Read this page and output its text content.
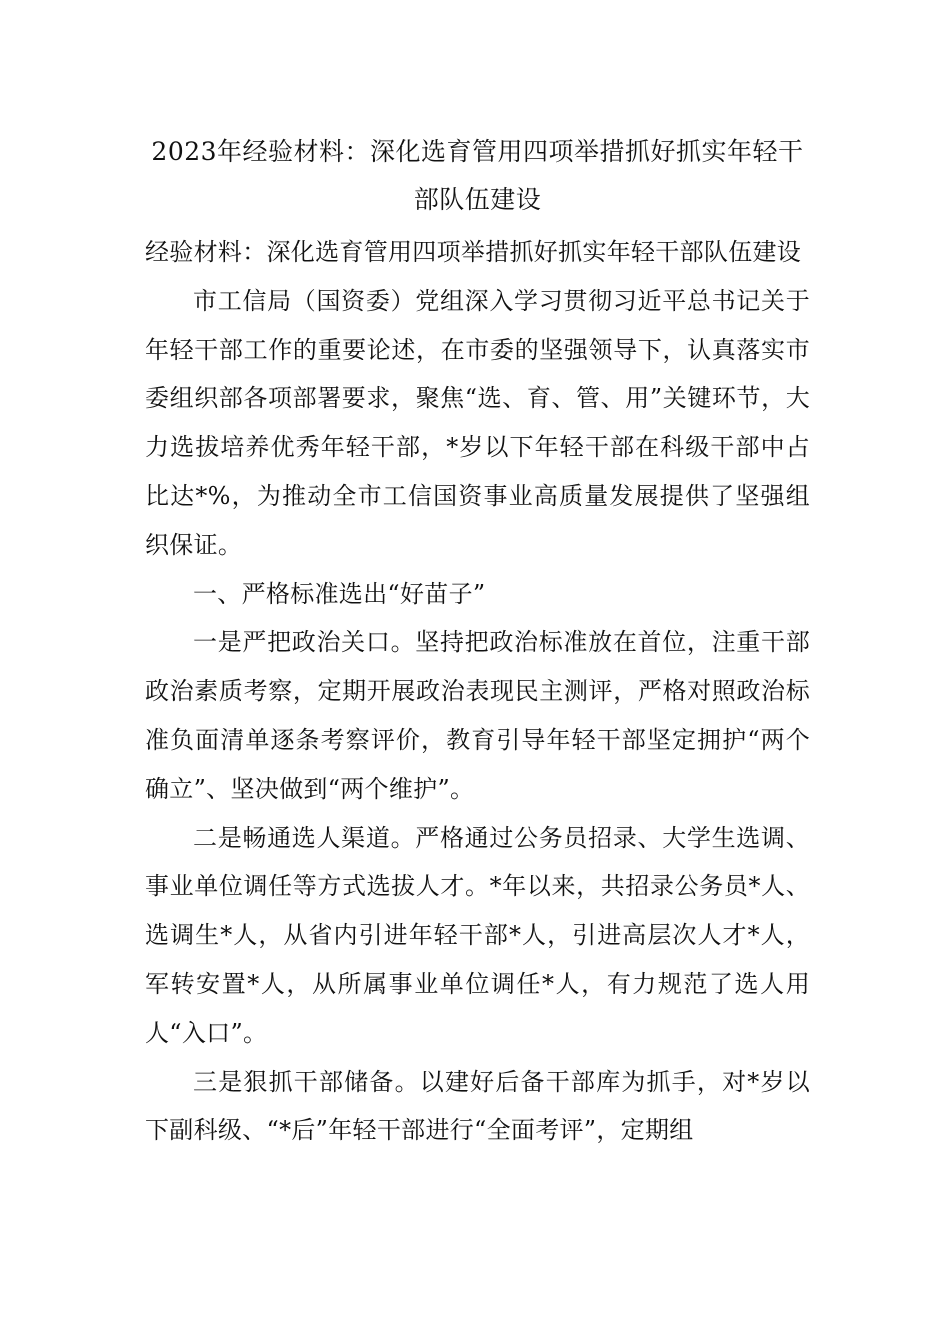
2023年经验材料：深化选育管用四项举措抓好抓实年轻干部队伍建设

经验材料：深化选育管用四项举措抓好抓实年轻干部队伍建设

市工信局（国资委）党组深入学习贯彻习近平总书记关于年轻干部工作的重要论述，在市委的坚强领导下，认真落实市委组织部各项部署要求，聚焦“选、育、管、用”关键环节，大力选拔培养优秀年轻干部，*岁以下年轻干部在科级干部中占比达*%，为推动全市工信国资事业高质量发展提供了坚强组织保证。

一、严格标准选出“好苗子”

一是严把政治关口。坚持把政治标准放在首位，注重干部政治素质考察，定期开展政治表现民主测评，严格对照政治标准负面清单逐条考察评价，教育引导年轻干部坚定拥护“两个确立”、坚决做到“两个维护”。

二是畅通选人渠道。严格通过公务员招录、大学生选调、事业单位调任等方式选拔人才。*年以来，共招录公务员*人、选调生*人，从省内引进年轻干部*人，引进高层次人才*人，军转安置*人，从所属事业单位调任*人，有力规范了选人用人“入口”。

三是狠抓干部储备。以建好后备干部库为抓手，对*岁以下副科级、“*后”年轻干部进行“全面考评”，定期组
